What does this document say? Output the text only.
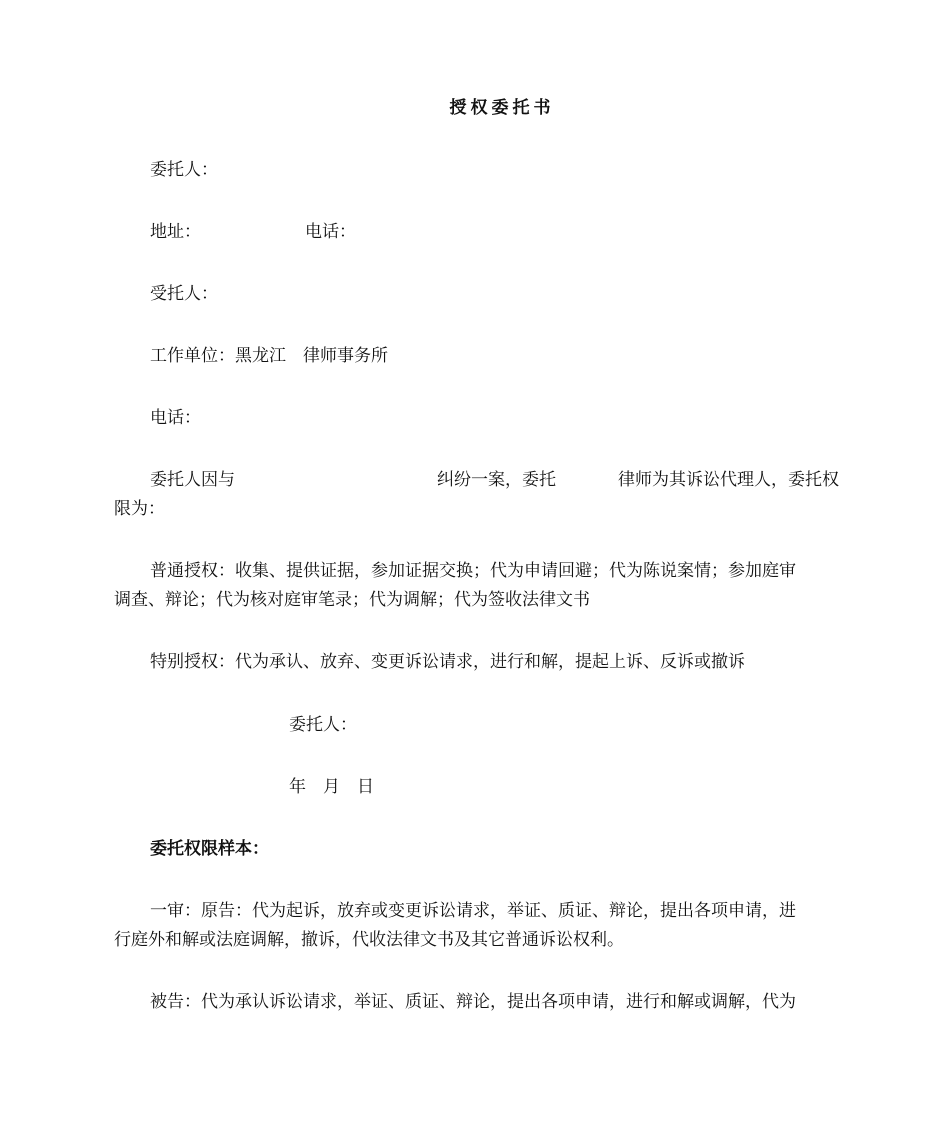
授权委托书
委托人：
地址：	电话：
受托人：
工作单位：黑龙江　律师事务所
电话：
委托人因与	纠纷一案，委托	律师为其诉讼代理人，委托权
限为：
普通授权：收集、提供证据，参加证据交换；代为申请回避；代为陈说案情；参加庭审
调查、辩论；代为核对庭审笔录；代为调解；代为签收法律文书
特别授权：代为承认、放弃、变更诉讼请求，进行和解，提起上诉、反诉或撤诉
委托人：
年　月　日
委托权限样本：
一审：原告：代为起诉，放弃或变更诉讼请求，举证、质证、辩论，提出各项申请，进
行庭外和解或法庭调解，撤诉，代收法律文书及其它普通诉讼权利。
被告：代为承认诉讼请求，举证、质证、辩论，提出各项申请，进行和解或调解，代为
